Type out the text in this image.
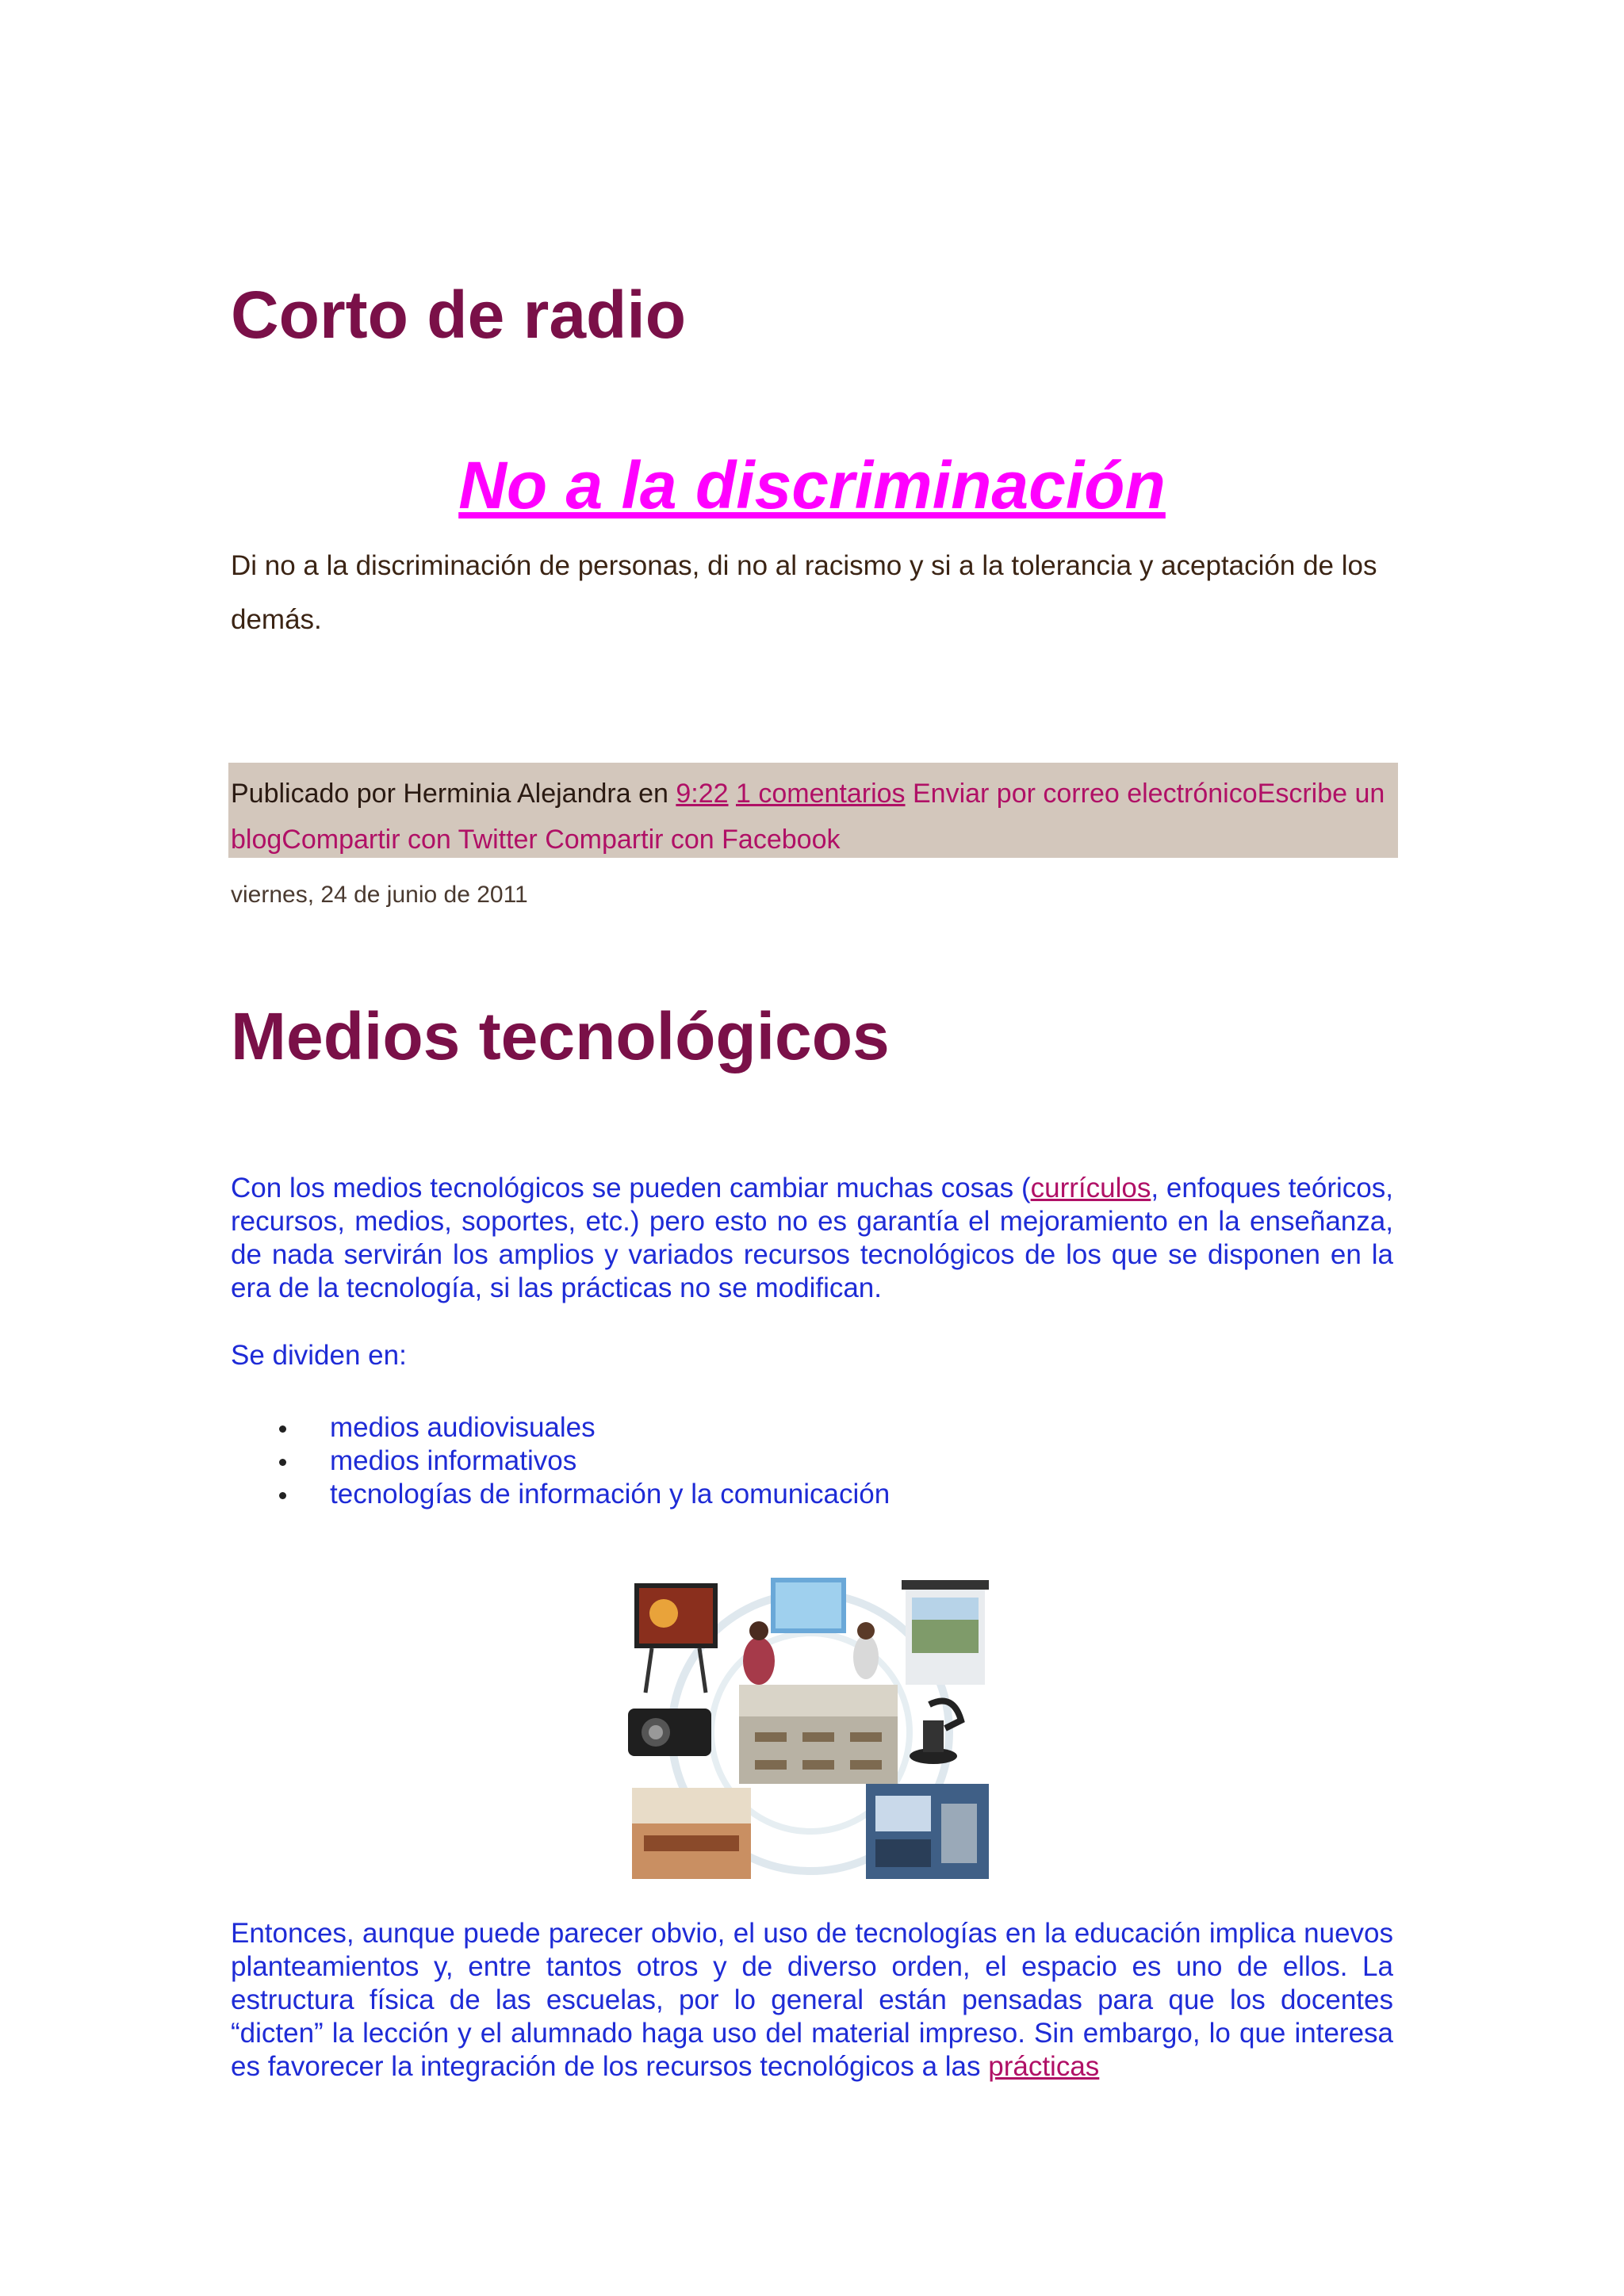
Corto de radio
No a la discriminación

Di no a la discriminación de personas, di no al racismo y si a la tolerancia y aceptación de los demás.

Publicado por Herminia Alejandra en 9:22 1 comentarios Enviar por correo electrónicoEscribe un blogCompartir con Twitter Compartir con Facebook

viernes, 24 de junio de 2011

Medios tecnológicos

Con los medios tecnológicos se pueden cambiar muchas cosas (currículos, enfoques teóricos, recursos, medios, soportes, etc.) pero esto no es garantía el mejoramiento en la enseñanza, de nada servirán los amplios y variados recursos tecnológicos de los que se disponen en la era de la tecnología, si las prácticas no se modifican.

Se dividen en:

medios audiovisuales
medios informativos
tecnologías de información y la comunicación

Entonces, aunque puede parecer obvio, el uso de tecnologías en la educación implica nuevos planteamientos y, entre tantos otros y de diverso orden, el espacio es uno de ellos. La estructura física de las escuelas, por lo general están pensadas para que los docentes “dicten” la lección y el alumnado haga uso del material impreso. Sin embargo, lo que interesa es favorecer la integración de los recursos tecnológicos a las prácticas
